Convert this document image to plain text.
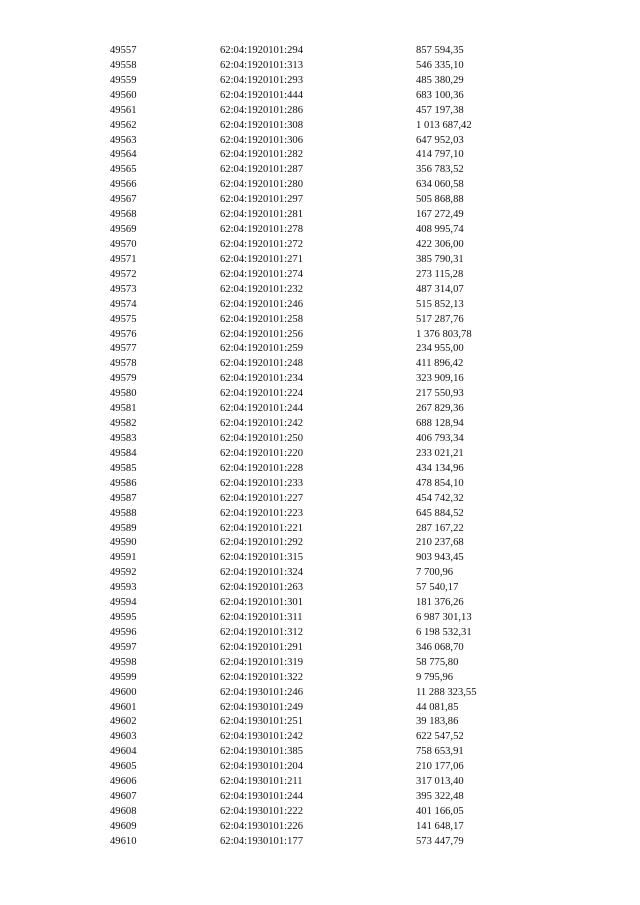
49557	62:04:1920101:294	857 594,35
49558	62:04:1920101:313	546 335,10
49559	62:04:1920101:293	485 380,29
49560	62:04:1920101:444	683 100,36
49561	62:04:1920101:286	457 197,38
49562	62:04:1920101:308	1 013 687,42
49563	62:04:1920101:306	647 952,03
49564	62:04:1920101:282	414 797,10
49565	62:04:1920101:287	356 783,52
49566	62:04:1920101:280	634 060,58
49567	62:04:1920101:297	505 868,88
49568	62:04:1920101:281	167 272,49
49569	62:04:1920101:278	408 995,74
49570	62:04:1920101:272	422 306,00
49571	62:04:1920101:271	385 790,31
49572	62:04:1920101:274	273 115,28
49573	62:04:1920101:232	487 314,07
49574	62:04:1920101:246	515 852,13
49575	62:04:1920101:258	517 287,76
49576	62:04:1920101:256	1 376 803,78
49577	62:04:1920101:259	234 955,00
49578	62:04:1920101:248	411 896,42
49579	62:04:1920101:234	323 909,16
49580	62:04:1920101:224	217 550,93
49581	62:04:1920101:244	267 829,36
49582	62:04:1920101:242	688 128,94
49583	62:04:1920101:250	406 793,34
49584	62:04:1920101:220	233 021,21
49585	62:04:1920101:228	434 134,96
49586	62:04:1920101:233	478 854,10
49587	62:04:1920101:227	454 742,32
49588	62:04:1920101:223	645 884,52
49589	62:04:1920101:221	287 167,22
49590	62:04:1920101:292	210 237,68
49591	62:04:1920101:315	903 943,45
49592	62:04:1920101:324	7 700,96
49593	62:04:1920101:263	57 540,17
49594	62:04:1920101:301	181 376,26
49595	62:04:1920101:311	6 987 301,13
49596	62:04:1920101:312	6 198 532,31
49597	62:04:1920101:291	346 068,70
49598	62:04:1920101:319	58 775,80
49599	62:04:1920101:322	9 795,96
49600	62:04:1930101:246	11 288 323,55
49601	62:04:1930101:249	44 081,85
49602	62:04:1930101:251	39 183,86
49603	62:04:1930101:242	622 547,52
49604	62:04:1930101:385	758 653,91
49605	62:04:1930101:204	210 177,06
49606	62:04:1930101:211	317 013,40
49607	62:04:1930101:244	395 322,48
49608	62:04:1930101:222	401 166,05
49609	62:04:1930101:226	141 648,17
49610	62:04:1930101:177	573 447,79
